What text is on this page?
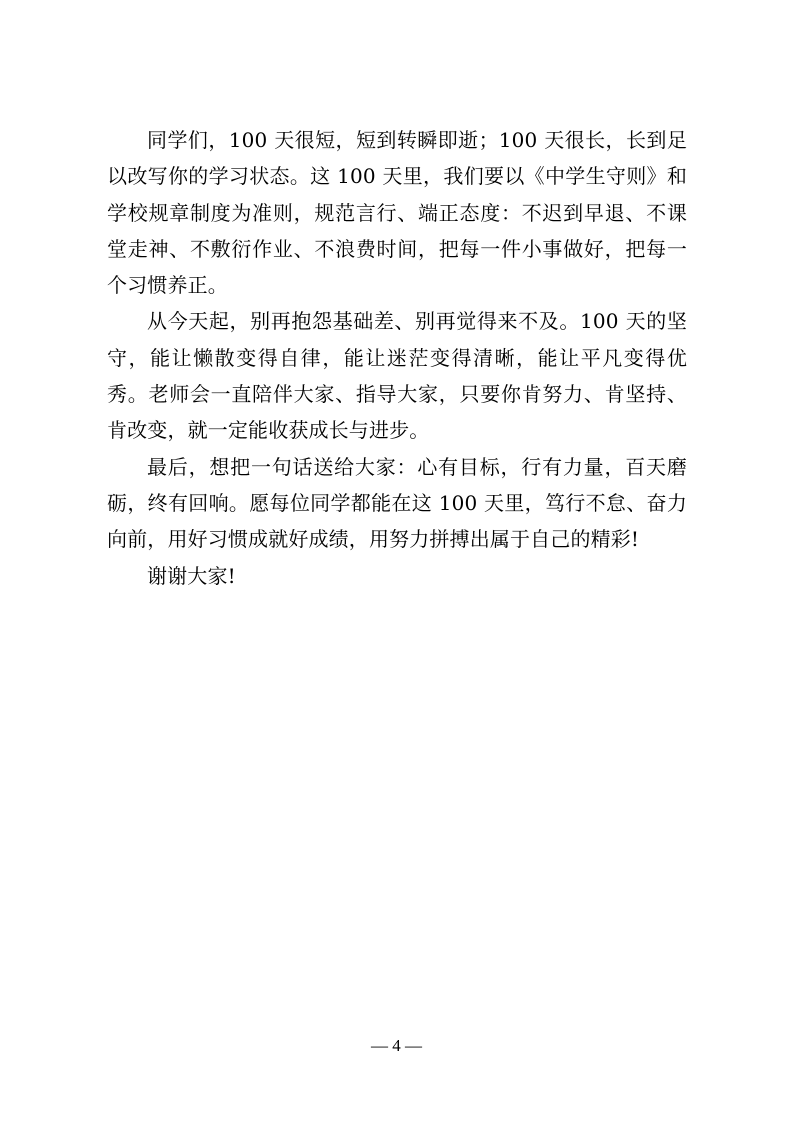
同学们，100 天很短，短到转瞬即逝；100 天很长，长到足以改写你的学习状态。这 100 天里，我们要以《中学生守则》和学校规章制度为准则，规范言行、端正态度：不迟到早退、不课堂走神、不敷衍作业、不浪费时间，把每一件小事做好，把每一个习惯养正。

从今天起，别再抱怨基础差、别再觉得来不及。100 天的坚守，能让懒散变得自律，能让迷茫变得清晰，能让平凡变得优秀。老师会一直陪伴大家、指导大家，只要你肯努力、肯坚持、肯改变，就一定能收获成长与进步。

最后，想把一句话送给大家：心有目标，行有力量，百天磨砺，终有回响。愿每位同学都能在这 100 天里，笃行不怠、奋力向前，用好习惯成就好成绩，用努力拼搏出属于自己的精彩!

谢谢大家!

— 4 —
